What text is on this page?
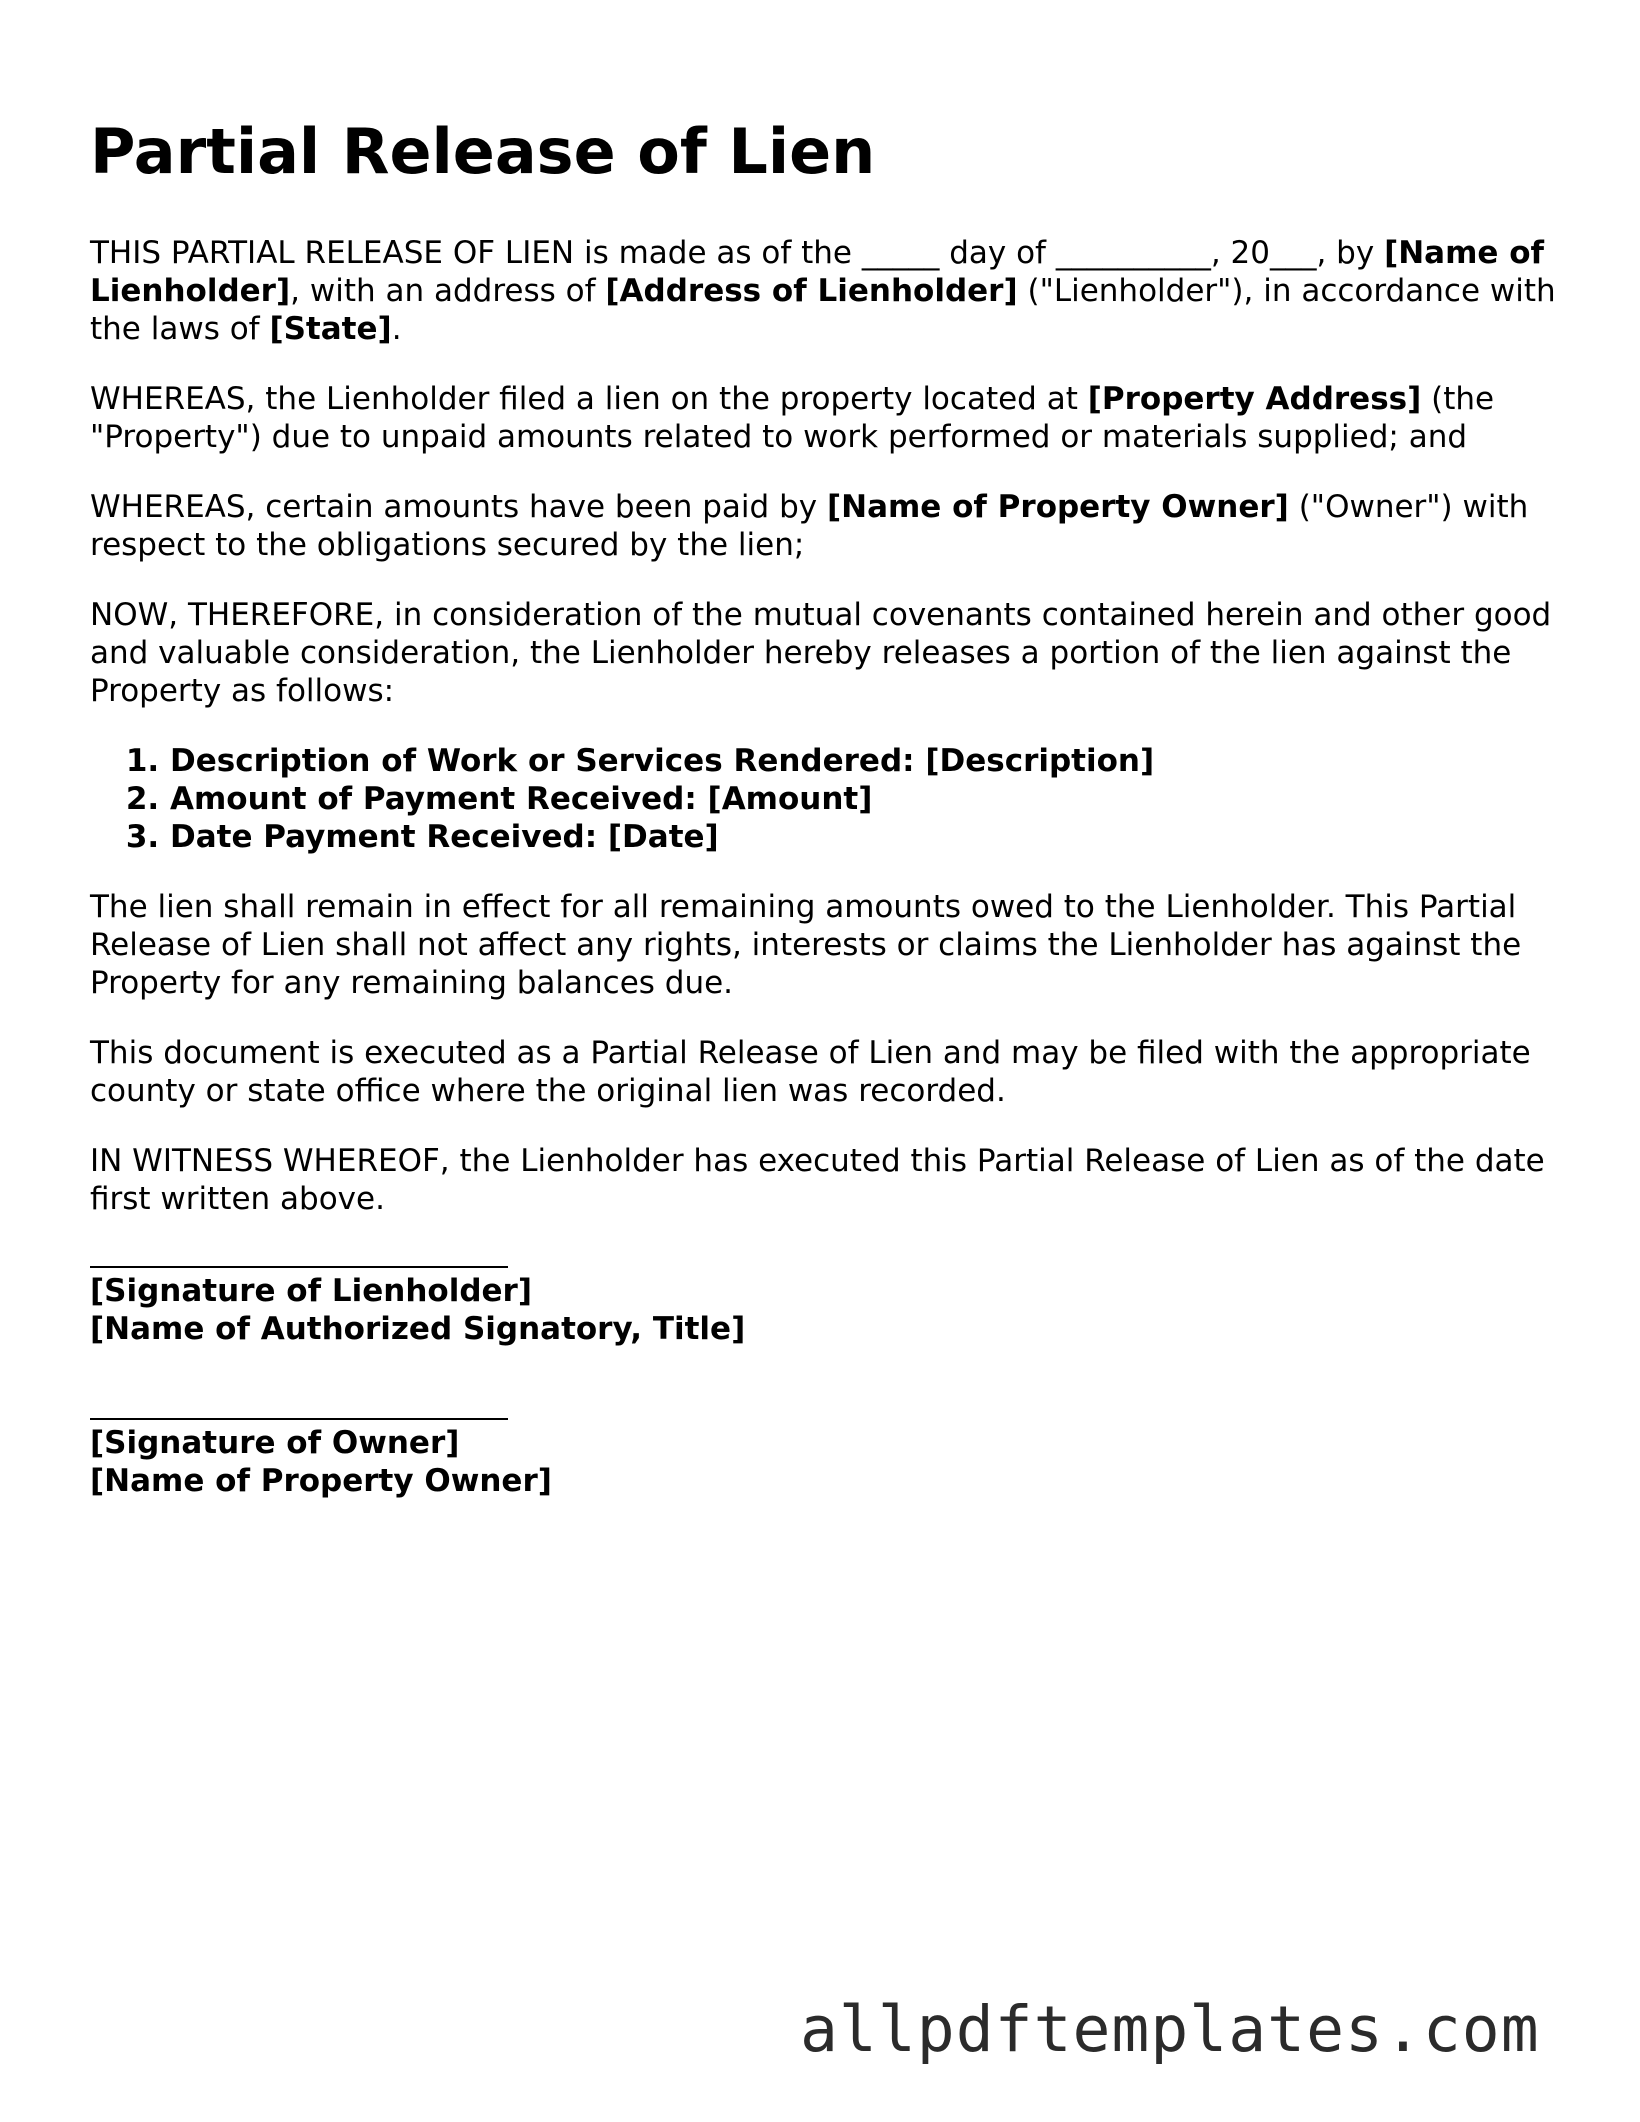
Partial Release of Lien

THIS PARTIAL RELEASE OF LIEN is made as of the _____ day of __________, 20___, by [Name of Lienholder], with an address of [Address of Lienholder] ("Lienholder"), in accordance with the laws of [State].

WHEREAS, the Lienholder filed a lien on the property located at [Property Address] (the "Property") due to unpaid amounts related to work performed or materials supplied; and

WHEREAS, certain amounts have been paid by [Name of Property Owner] ("Owner") with respect to the obligations secured by the lien;

NOW, THEREFORE, in consideration of the mutual covenants contained herein and other good and valuable consideration, the Lienholder hereby releases a portion of the lien against the Property as follows:

1. Description of Work or Services Rendered: [Description]
2. Amount of Payment Received: [Amount]
3. Date Payment Received: [Date]

The lien shall remain in effect for all remaining amounts owed to the Lienholder. This Partial Release of Lien shall not affect any rights, interests or claims the Lienholder has against the Property for any remaining balances due.

This document is executed as a Partial Release of Lien and may be filed with the appropriate county or state office where the original lien was recorded.

IN WITNESS WHEREOF, the Lienholder has executed this Partial Release of Lien as of the date first written above.

[Signature of Lienholder]
[Name of Authorized Signatory, Title]
[Signature of Owner]
[Name of Property Owner]
allpdftemplates.com
